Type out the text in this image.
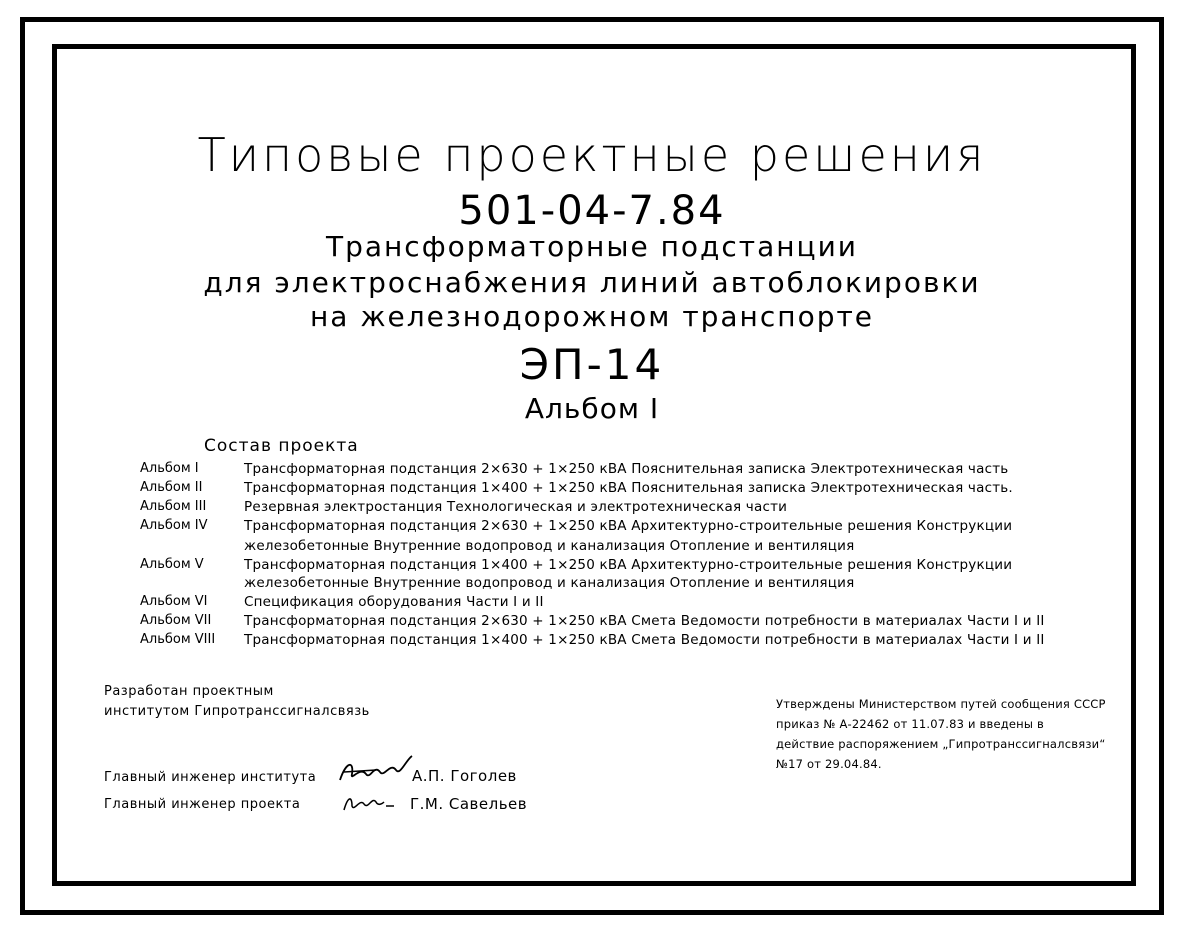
Типовые проектные решения
501-04-7.84
Трансформаторные подстанции
для электроснабжения линий автоблокировки
на железнодорожном транспорте
ЭП-14
Альбом I
Состав проекта
Альбом I	Трансформаторная подстанция 2×630 + 1×250 кВА Пояснительная записка Электротехническая часть
Альбом II	Трансформаторная подстанция 1×400 + 1×250 кВА Пояснительная записка Электротехническая часть.
Альбом III	Резервная электростанция Технологическая и электротехническая части
Альбом IV	Трансформаторная подстанция 2×630 + 1×250 кВА Архитектурно-строительные решения Конструкции
железобетонные Внутренние водопровод и канализация Отопление и вентиляция
Альбом V	Трансформаторная подстанция 1×400 + 1×250 кВА Архитектурно-строительные решения Конструкции
железобетонные Внутренние водопровод и канализация Отопление и вентиляция
Альбом VI	Спецификация оборудования Части I и II
Альбом VII Трансформаторная подстанция 2×630 + 1×250 кВА Смета Ведомости потребности в материалах Части I и II
Альбом VIII Трансформаторная подстанция 1×400 + 1×250 кВА Смета Ведомости потребности в материалах Части I и II
Разработан проектным
институтом Гипротранссигналсвязь	Утверждены Министерством путей сообщения СССР
приказ № А-22462 от 11.07.83 и введены в
действие распоряжением „Гипротранссигналсвязи“
№17 от 29.04.84.
Главный инженер института	А.П. Гоголев
Главный инженер проекта	Г.М. Савельев
